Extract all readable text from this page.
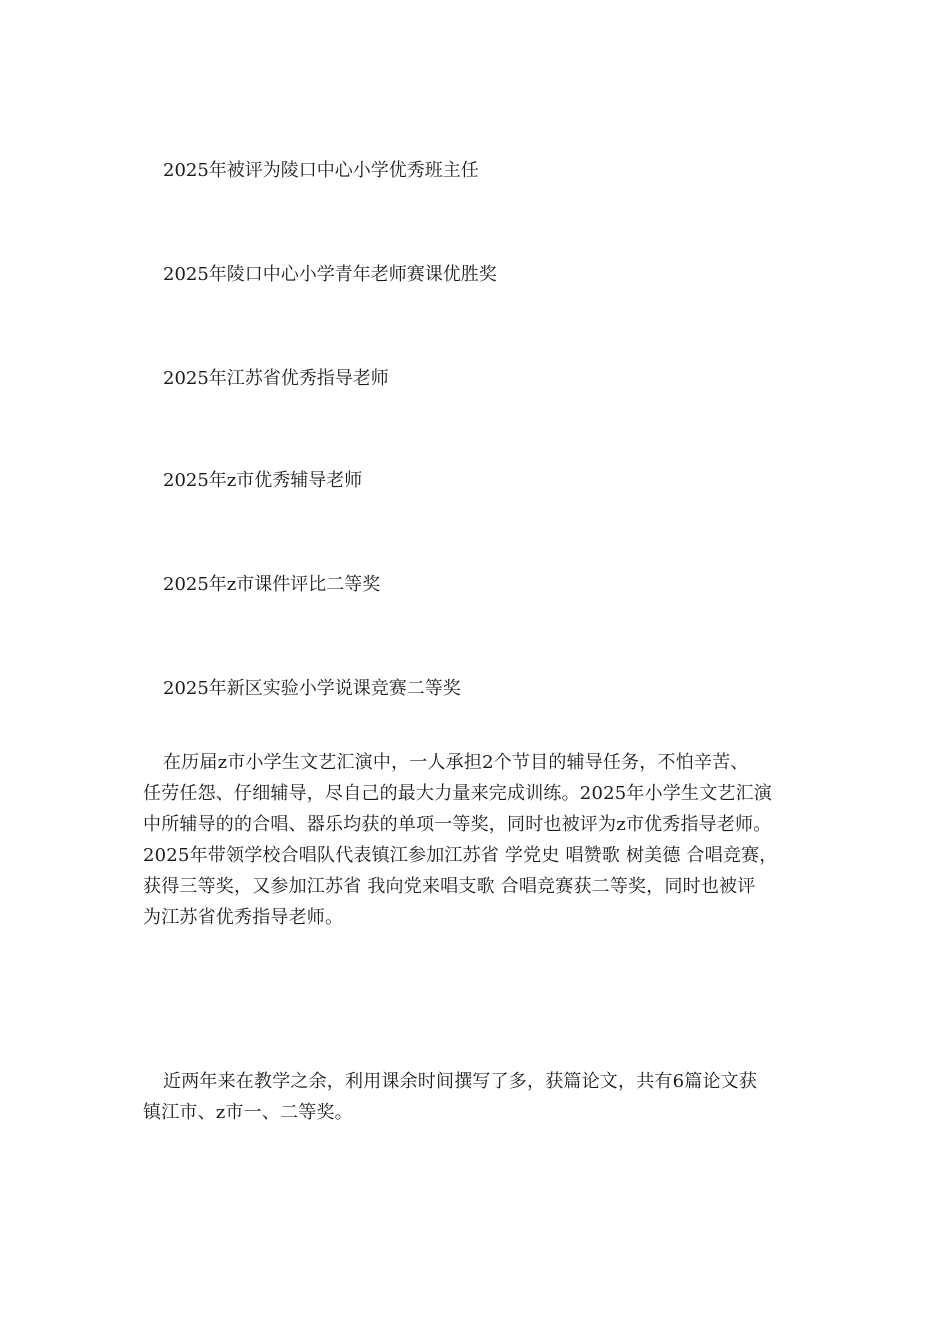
2025年被评为陵口中心小学优秀班主任

2025年陵口中心小学青年老师赛课优胜奖

2025年江苏省优秀指导老师

2025年z市优秀辅导老师

2025年z市课件评比二等奖

2025年新区实验小学说课竞赛二等奖

在历届z市小学生文艺汇演中，一人承担2个节目的辅导任务，不怕辛苦、
任劳任怨、仔细辅导，尽自己的最大力量来完成训练。2025年小学生文艺汇演
中所辅导的的合唱、器乐均获的单项一等奖，同时也被评为z市优秀指导老师。
2025年带领学校合唱队代表镇江参加江苏省 学党史 唱赞歌 树美德 合唱竞赛，
获得三等奖，又参加江苏省 我向党来唱支歌 合唱竞赛获二等奖，同时也被评
为江苏省优秀指导老师。
近两年来在教学之余，利用课余时间撰写了多，获篇论文，共有6篇论文获
镇江市、z市一、二等奖。
